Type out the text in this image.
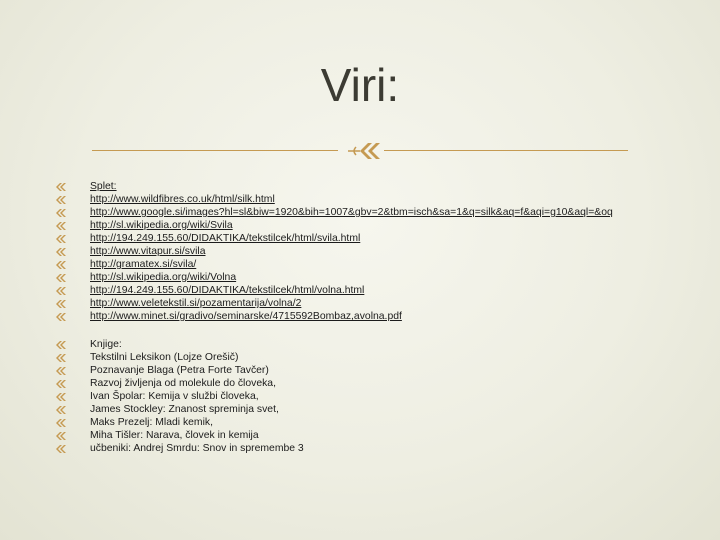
Viri:
Splet:
http://www.wildfibres.co.uk/html/silk.html
http://www.google.si/images?hl=sl&biw=1920&bih=1007&gbv=2&tbm=isch&sa=1&q=silk&aq=f&aqi=g10&aql=&oq
http://sl.wikipedia.org/wiki/Svila
http://194.249.155.60/DIDAKTIKA/tekstilcek/html/svila.html
http://www.vitapur.si/svila
http://gramatex.si/svila/
http://sl.wikipedia.org/wiki/Volna
http://194.249.155.60/DIDAKTIKA/tekstilcek/html/volna.html
http://www.veletekstil.si/pozamentarija/volna/2
http://www.minet.si/gradivo/seminarske/4715592Bombaz,avolna.pdf
Knjige:
Tekstilni Leksikon (Lojze Orešič)
Poznavanje Blaga (Petra Forte Tavčer)
Razvoj življenja od molekule do človeka,
Ivan Špolar: Kemija v službi človeka,
James Stockley: Znanost spreminja svet,
Maks Prezelj: Mladi kemik,
Miha Tišler: Narava, človek in kemija
učbeniki: Andrej Smrdu: Snov in spremembe 3
